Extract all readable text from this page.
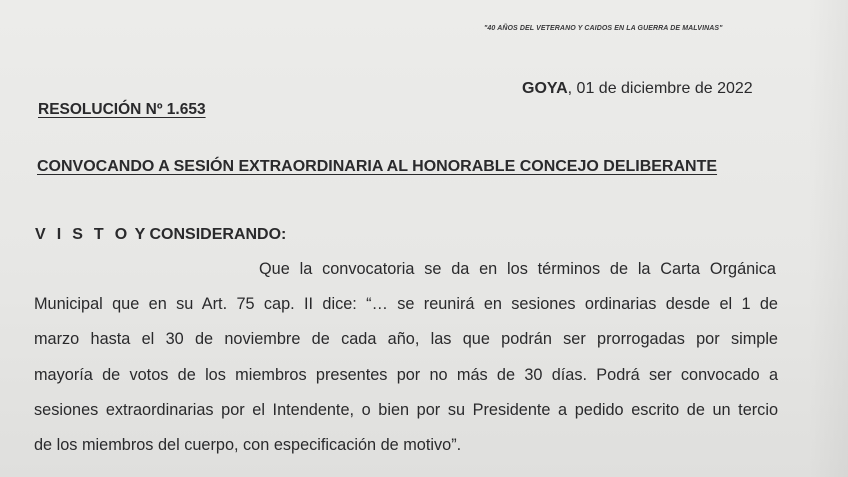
"40 AÑOS DEL VETERANO Y CAIDOS EN LA GUERRA DE MALVINAS"
GOYA, 01 de diciembre de 2022
RESOLUCIÓN Nº 1.653
CONVOCANDO A SESIÓN EXTRAORDINARIA AL HONORABLE CONCEJO DELIBERANTE
V I S T O Y CONSIDERANDO:
Que la convocatoria se da en los términos de la Carta Orgánica
Municipal que en su Art. 75 cap. II dice: “… se reunirá en sesiones ordinarias desde el 1 de
marzo hasta el 30 de noviembre de cada año, las que podrán ser prorrogadas por simple
mayoría de votos de los miembros presentes por no más de 30 días. Podrá ser convocado a
sesiones extraordinarias por el Intendente, o bien por su Presidente a pedido escrito de un tercio
de los miembros del cuerpo, con especificación de motivo”.
